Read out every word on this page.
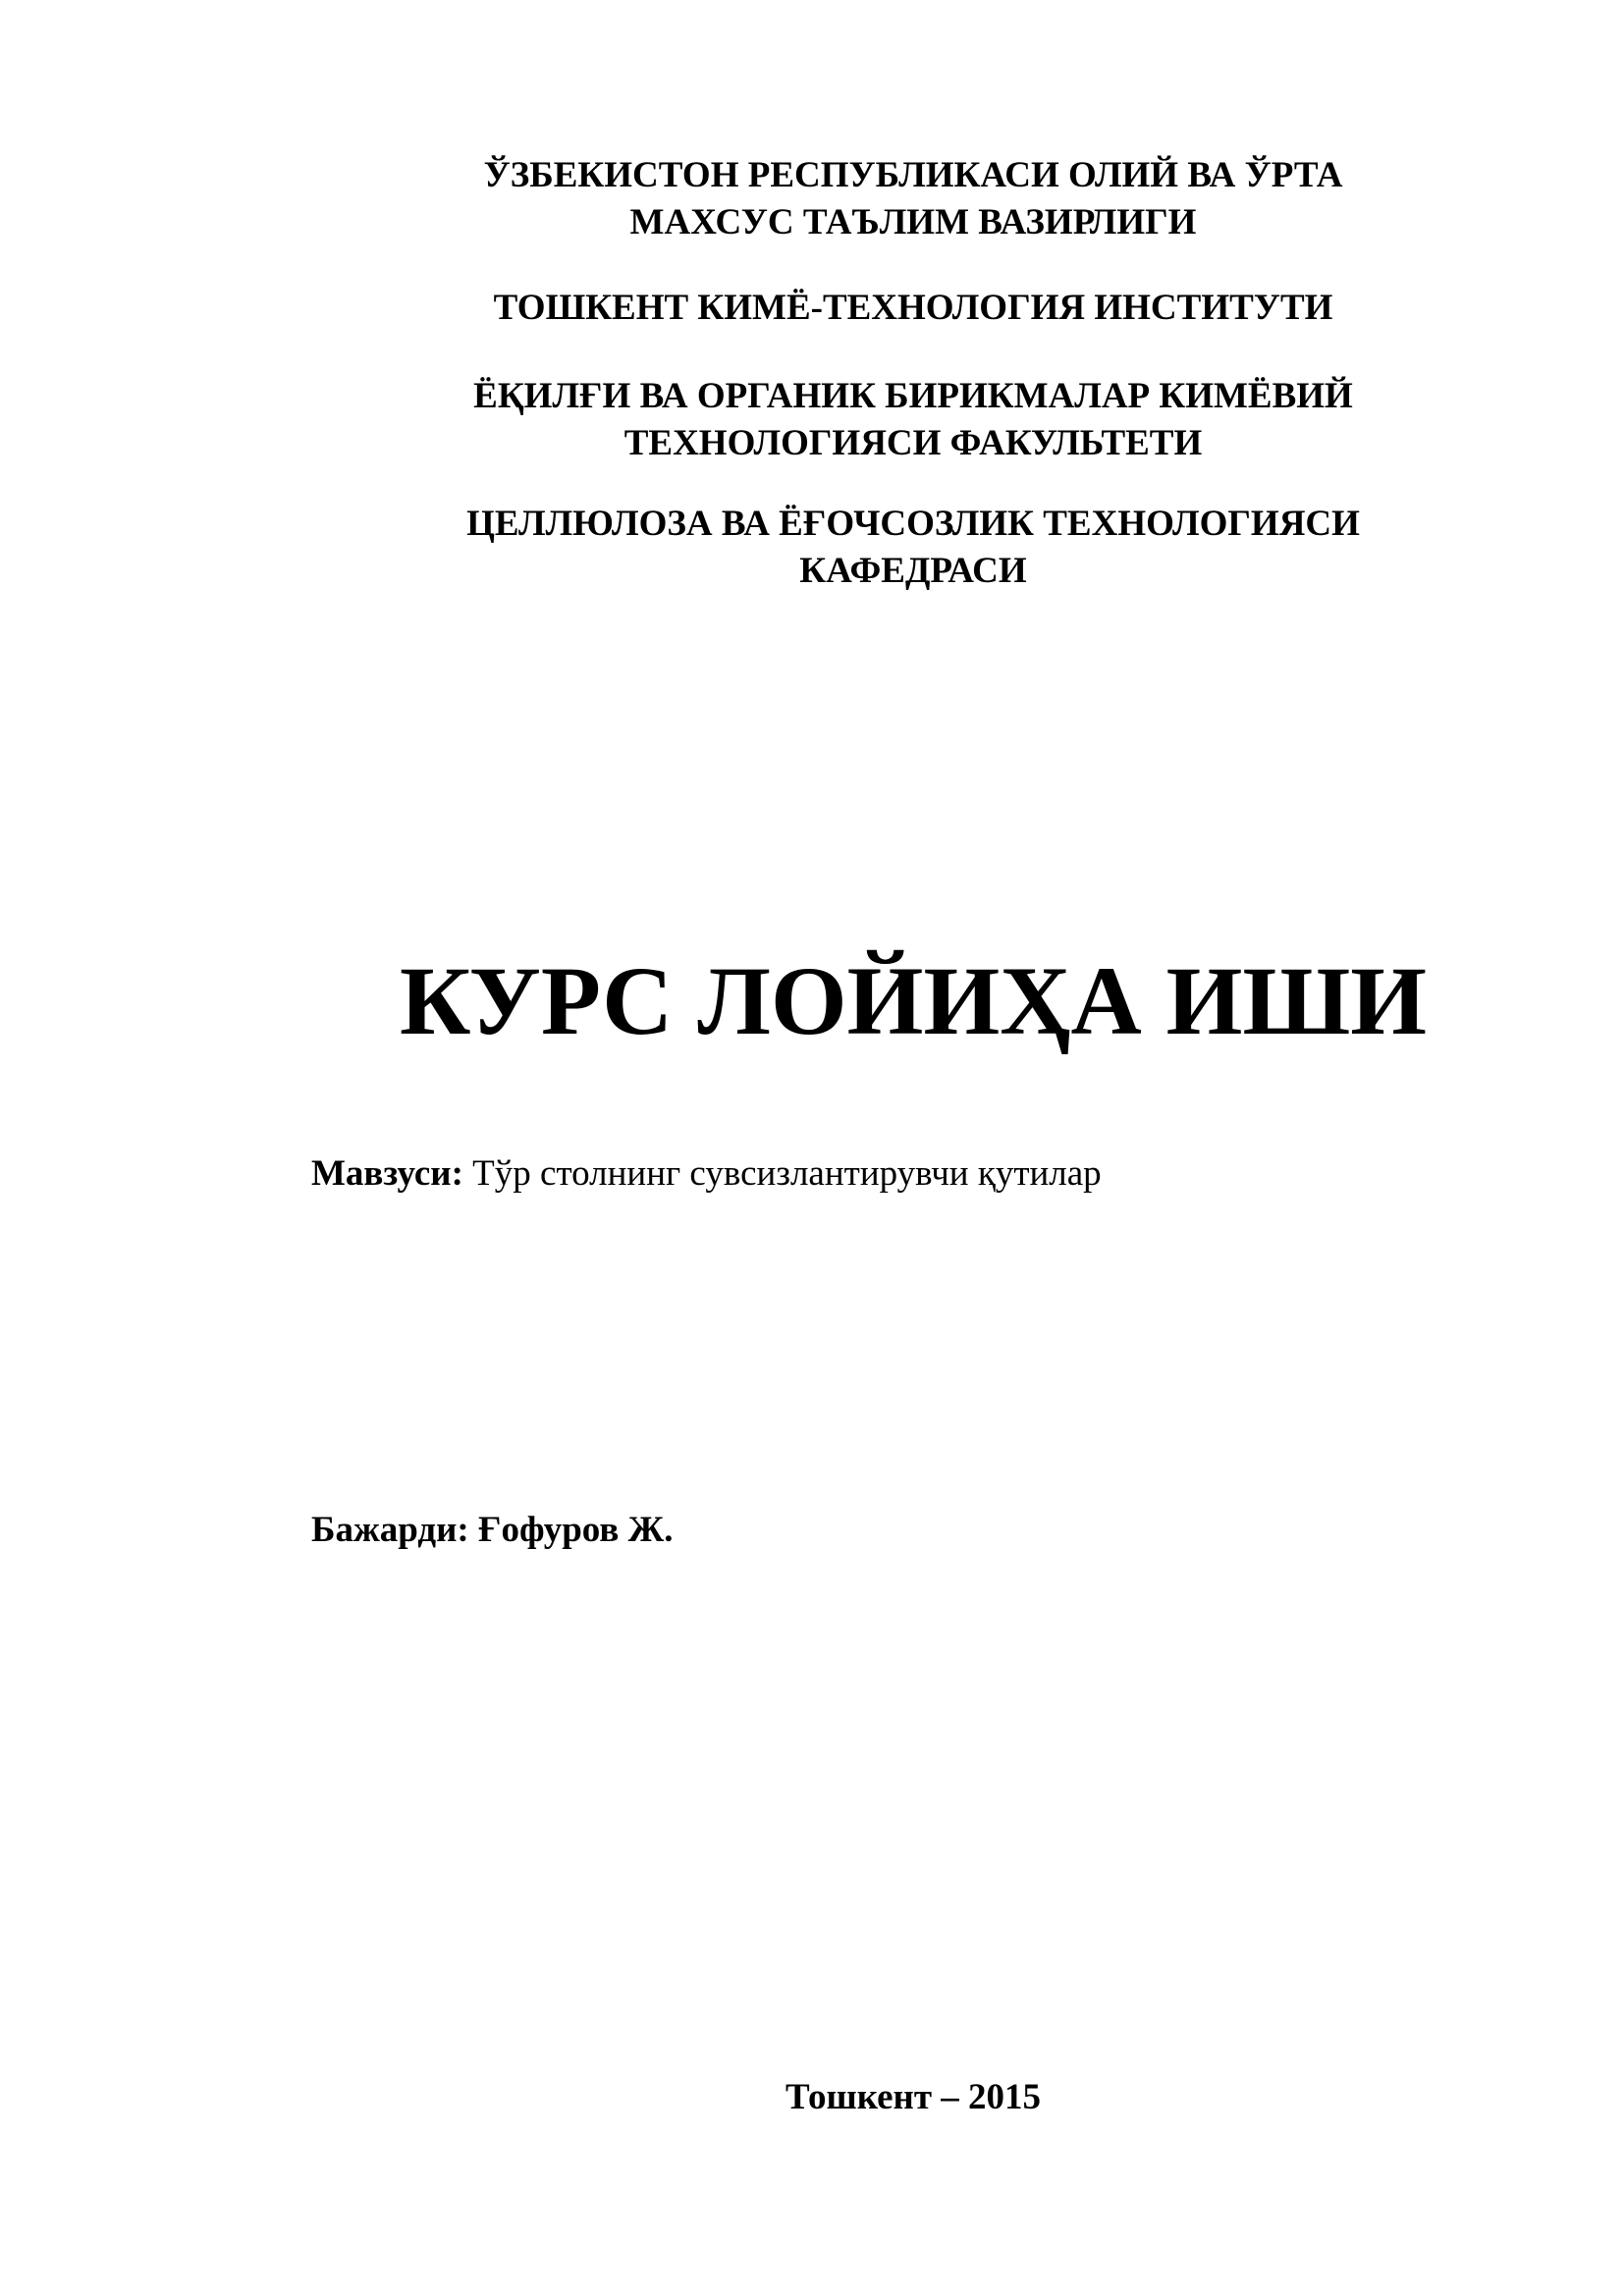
ЎЗБЕКИСТОН РЕСПУБЛИКАСИ ОЛИЙ ВА ЎРТА
МАХСУС ТАЪЛИМ ВАЗИРЛИГИ
ТОШКЕНТ КИМЁ-ТЕХНОЛОГИЯ ИНСТИТУТИ
ЁҚИЛҒИ ВА ОРГАНИК БИРИКМАЛАР КИМЁВИЙ
ТЕХНОЛОГИЯСИ ФАКУЛЬТЕТИ
ЦЕЛЛЮЛОЗА ВА ЁҒОЧСОЗЛИК ТЕХНОЛОГИЯСИ
КАФЕДРАСИ
КУРС ЛОЙИҲА ИШИ
Мавзуси: Тўр столнинг сувсизлантирувчи қутилар
Бажарди: Ғофуров Ж.
Тошкент – 2015
